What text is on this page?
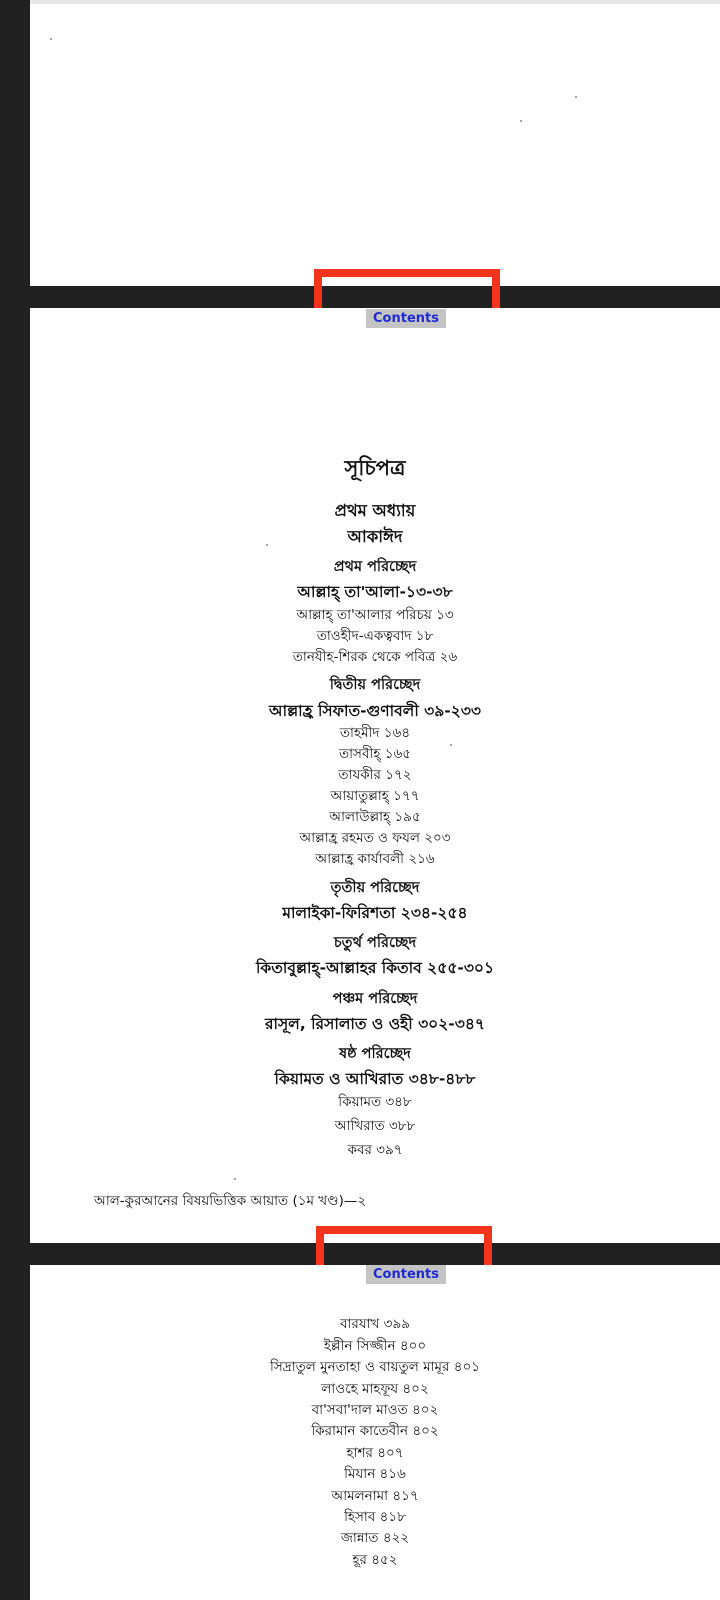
Contents
সূচিপত্র
প্রথম অধ্যায়
আকাঈদ
প্রথম পরিচ্ছেদ
আল্লাহ্ তা'আলা-১৩-৩৮
আল্লাহ্ তা'আলার পরিচয় ১৩
তাওহীদ-একত্ববাদ ১৮
তানযীহ-শিরক থেকে পবিত্র ২৬
দ্বিতীয় পরিচ্ছেদ
আল্লাহ্র সিফাত-গুণাবলী ৩৯-২৩৩
তাহমীদ ১৬৪
তাসবীহ্ ১৬৫
তাযকীর ১৭২
আয়াতুল্লাহ্ ১৭৭
আলাউল্লাহ্ ১৯৫
আল্লাহ্র রহমত ও ফযল ২০৩
আল্লাহ্র কার্যাবলী ২১৬
তৃতীয় পরিচ্ছেদ
মালাইকা-ফিরিশতা ২৩৪-২৫৪
চতুর্থ পরিচ্ছেদ
কিতাবুল্লাহ্-আল্লাহর কিতাব ২৫৫-৩০১
পঞ্চম পরিচ্ছেদ
রাসূল, রিসালাত ও ওহী ৩০২-৩৪৭
ষষ্ঠ পরিচ্ছেদ
কিয়ামত ও আখিরাত ৩৪৮-৪৮৮
কিয়ামত ৩৪৮
আখিরাত ৩৮৮
কবর ৩৯৭
আল-কুরআনের বিষয়ভিত্তিক আয়াত (১ম খণ্ড)—২
Contents
বারযাখ ৩৯৯
ইল্লীন সিজ্জীন ৪০০
সিদ্রাতুল মুনতাহা ও বায়তুল মামূর ৪০১
লাওহে মাহফূয ৪০২
বা'সবা'দাল মাওত ৪০২
কিরামান কাতেবীন ৪০২
হাশর ৪০৭
মিযান ৪১৬
আমলনামা ৪১৭
হিসাব ৪১৮
জান্নাত ৪২২
হূর ৪৫২
